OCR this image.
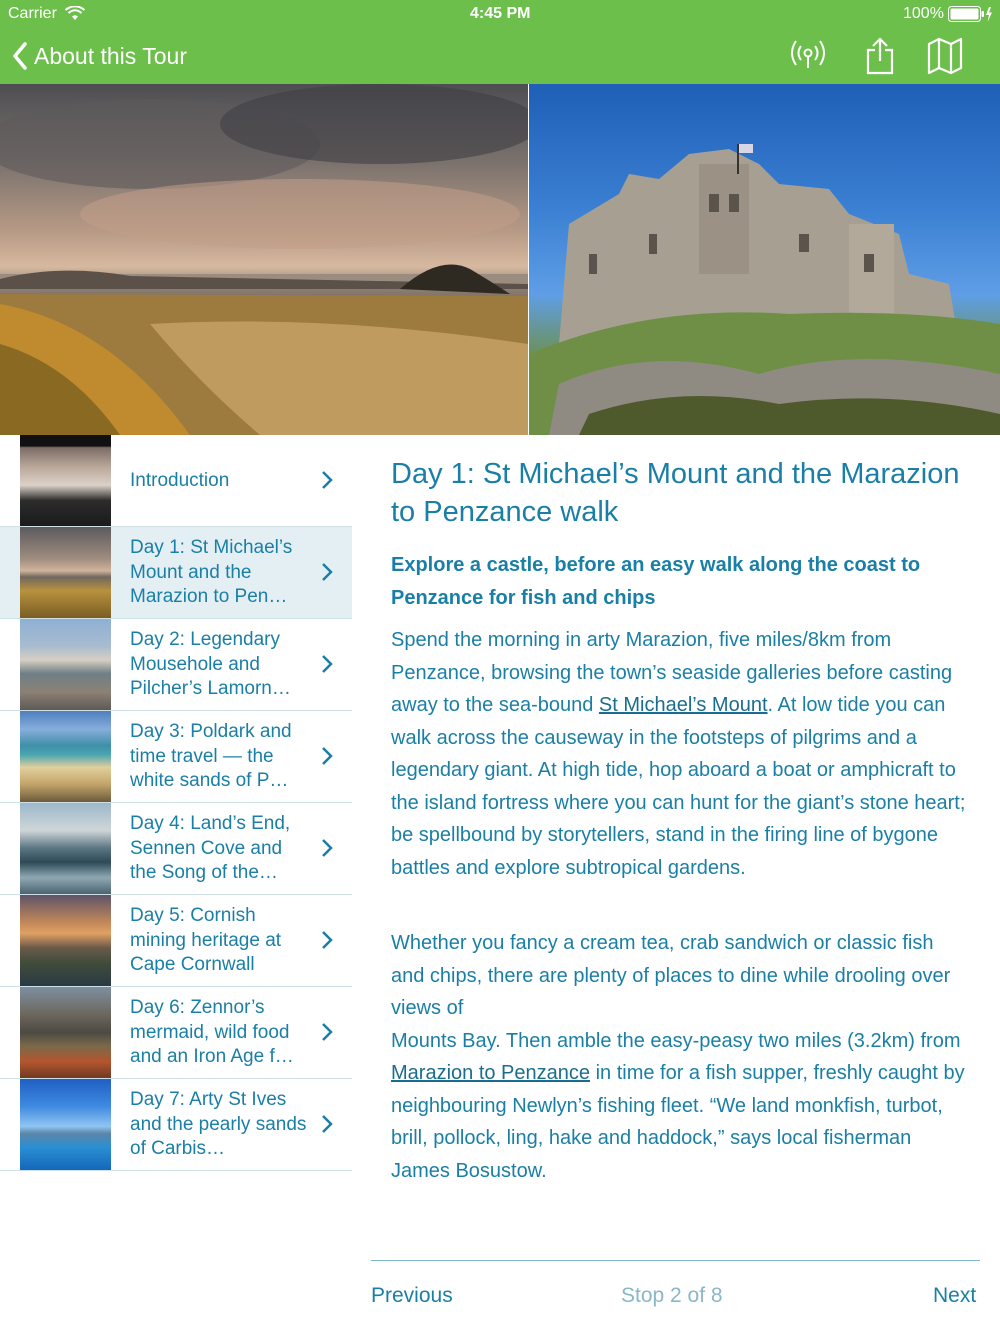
Carrier	4:45 PM	100%
About this Tour
Introduction
Day 1: St Michael’s Mount and the Marazion to Pen…
Day 2: Legendary Mousehole and Pilcher’s Lamorn…
Day 3: Poldark and time travel — the white sands of P…
Day 4: Land’s End, Sennen Cove and the Song of the…
Day 5: Cornish mining heritage at Cape Cornwall
Day 6: Zennor’s mermaid, wild food and an Iron Age f…
Day 7: Arty St Ives and the pearly sands of Carbis…
Day 1: St Michael’s Mount and the Marazion to Penzance walk
Explore a castle, before an easy walk along the coast to Penzance for fish and chips
Spend the morning in arty Marazion, five miles/8km from Penzance, browsing the town’s seaside galleries before casting away to the sea-bound St Michael’s Mount. At low tide you can walk across the causeway in the footsteps of pilgrims and a legendary giant. At high tide, hop aboard a boat or amphicraft to the island fortress where you can hunt for the giant’s stone heart; be spellbound by storytellers, stand in the firing line of bygone battles and explore subtropical gardens.
Whether you fancy a cream tea, crab sandwich or classic fish and chips, there are plenty of places to dine while drooling over views of
Mounts Bay. Then amble the easy-peasy two miles (3.2km) from Marazion to Penzance in time for a fish supper, freshly caught by neighbouring Newlyn’s fishing fleet. “We land monkfish, turbot, brill, pollock, ling, hake and haddock,” says local fisherman James Bosustow.
Previous	Stop 2 of 8	Next
